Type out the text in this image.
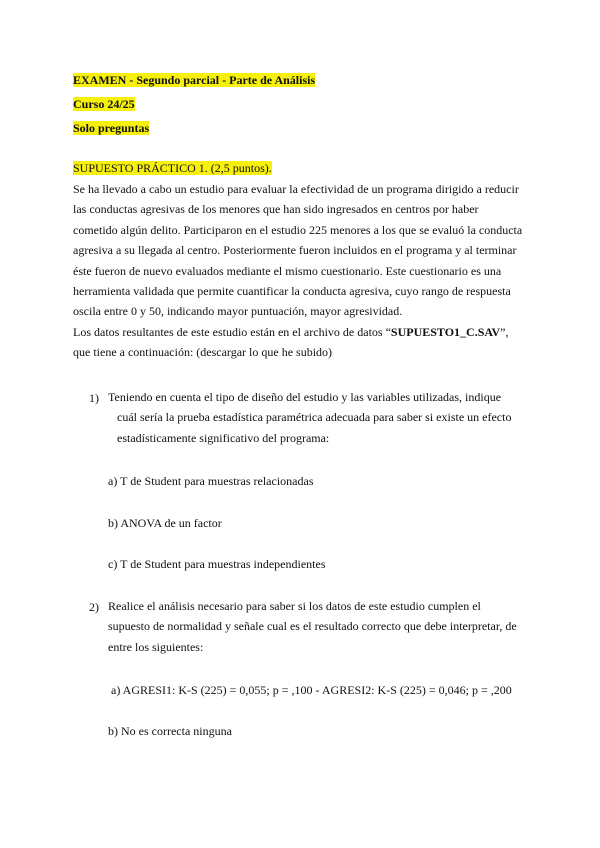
EXAMEN - Segundo parcial - Parte de Análisis
Curso 24/25
Solo preguntas
SUPUESTO PRÁCTICO 1. (2,5 puntos).
Se ha llevado a cabo un estudio para evaluar la efectividad de un programa dirigido a reducir
las conductas agresivas de los menores que han sido ingresados en centros por haber
cometido algún delito. Participaron en el estudio 225 menores a los que se evaluó la conducta
agresiva a su llegada al centro. Posteriormente fueron incluidos en el programa y al terminar
éste fueron de nuevo evaluados mediante el mismo cuestionario. Este cuestionario es una
herramienta validada que permite cuantificar la conducta agresiva, cuyo rango de respuesta
oscila entre 0 y 50, indicando mayor puntuación, mayor agresividad.
Los datos resultantes de este estudio están en el archivo de datos “SUPUESTO1_C.SAV”,
que tiene a continuación: (descargar lo que he subido)
1) Teniendo en cuenta el tipo de diseño del estudio y las variables utilizadas, indique
cuál sería la prueba estadística paramétrica adecuada para saber si existe un efecto
estadísticamente significativo del programa:
a) T de Student para muestras relacionadas
b) ANOVA de un factor
c) T de Student para muestras independientes
2) Realice el análisis necesario para saber si los datos de este estudio cumplen el
supuesto de normalidad y señale cual es el resultado correcto que debe interpretar, de
entre los siguientes:
a) AGRESI1: K-S (225) = 0,055; p = ,100 - AGRESI2: K-S (225) = 0,046; p = ,200
b) No es correcta ninguna
